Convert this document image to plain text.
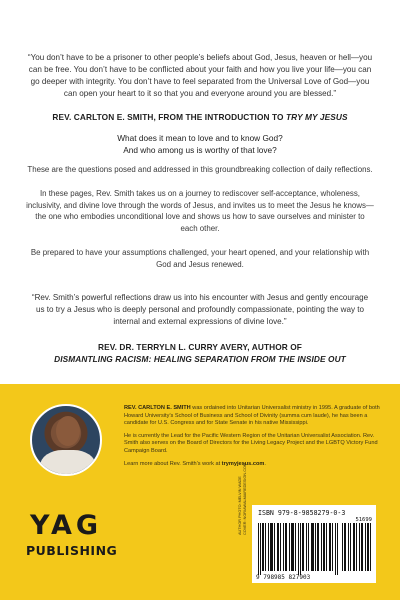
“You don’t have to be a prisoner to other people’s beliefs about God, Jesus, heaven or hell—you can be free. You don’t have to be conflicted about your faith and how you live your life—you can go deeper with integrity. You don’t have to feel separated from the Universal Love of God—you can open your heart to it so that you and everyone around you are blessed.”
REV. CARLTON E. SMITH, FROM THE INTRODUCTION TO TRY MY JESUS
What does it mean to love and to know God?
And who among us is worthy of that love?
These are the questions posed and addressed in this groundbreaking collection of daily reflections.
In these pages, Rev. Smith takes us on a journey to rediscover self-acceptance, wholeness, inclusivity, and divine love through the words of Jesus, and invites us to meet the Jesus he knows—the one who embodies unconditional love and shows us how to save ourselves and minister to each other.
Be prepared to have your assumptions challenged, your heart opened, and your relationship with God and Jesus renewed.
“Rev. Smith’s powerful reflections draw us into his encounter with Jesus and gently encourage us to try a Jesus who is deeply personal and profoundly compassionate, pointing the way to internal and external expressions of divine love.”
REV. DR. TERRYLN L. CURRY AVERY, AUTHOR OF
DISMANTLING RACISM: HEALING SEPARATION FROM THE INSIDE OUT

REV. CARLTON E. SMITH was ordained into Unitarian Universalist ministry in 1995. A graduate of both Howard University’s School of Business and School of Divinity (summa cum laude), he has been a candidate for U.S. Congress and for State Senate in his native Mississippi.

He is currently the Lead for the Pacific Western Region of the Unitarian Universalist Association. Rev. Smith also serves on the Board of Directors for the Living Legacy Project and the LGBTQ Victory Fund Campaign Board.

Learn more about Rev. Smith’s work at trymyjesus.com.

YAG
PUBLISHING
AUTHOR PHOTO: MELVIN WADE COVER: NORIAWALMAIREDESIGN.COM ISBN 979-8-9858279-0-3
51699
9 798985 827903
